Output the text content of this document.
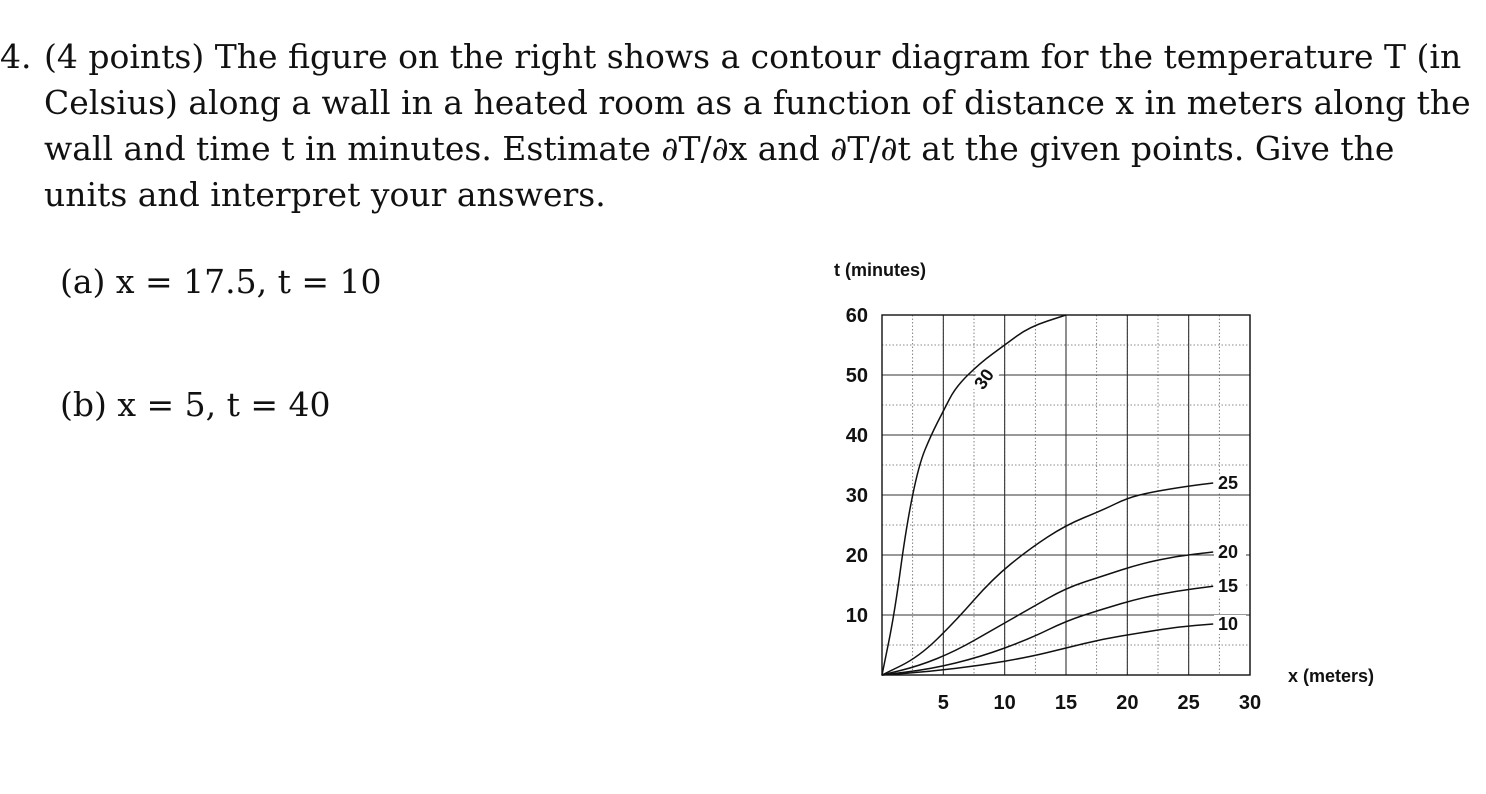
4. (4 points) The figure on the right shows a contour diagram for the temperature T (in
Celsius) along a wall in a heated room as a function of distance x in meters along the
wall and time t in minutes. Estimate ∂T/∂x and ∂T/∂t at the given points. Give the
units and interpret your answers.
(a) x = 17.5, t = 10
(b) x = 5, t = 40
30
25
20
15
10
5 10 15 20 25 30
10
20
30
40
50
60
t (minutes)
x (meters)
